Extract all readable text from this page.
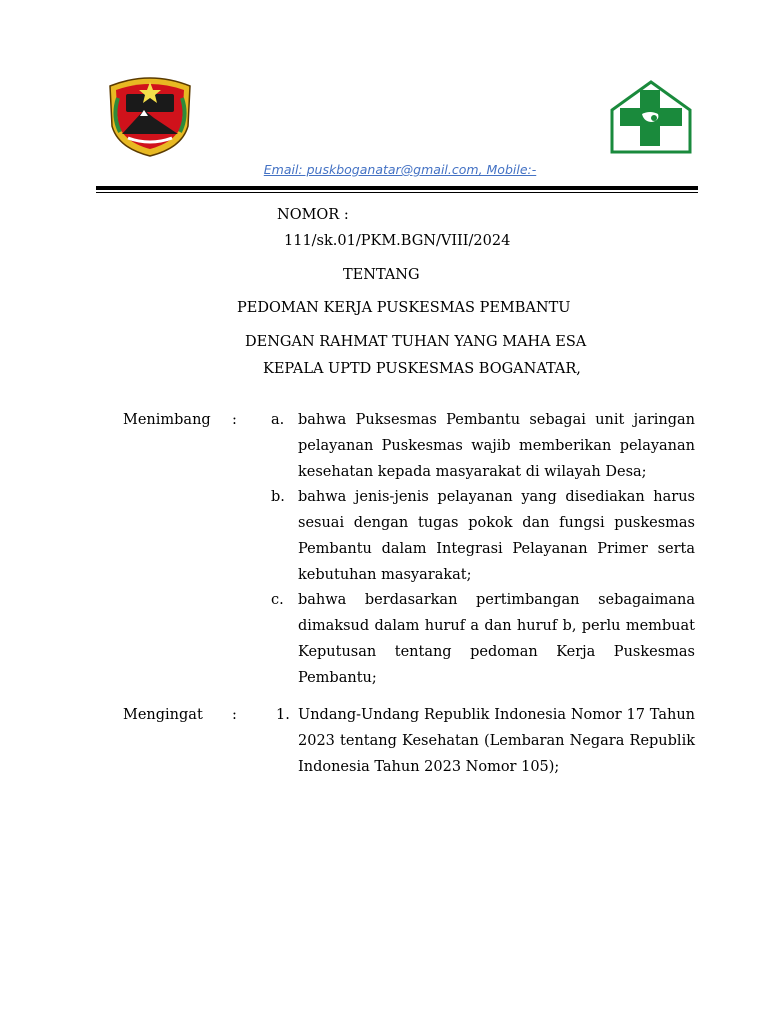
Email: puskboganatar@gmail.com, Mobile:-
NOMOR :
111/sk.01/PKM.BGN/VIII/2024
TENTANG
PEDOMAN KERJA PUSKESMAS PEMBANTU
DENGAN RAHMAT TUHAN YANG MAHA ESA
KEPALA UPTD PUSKESMAS BOGANATAR,
Menimbang : a. bahwa Puksesmas Pembantu sebagai unit jaringan pelayanan Puskesmas wajib memberikan pelayanan kesehatan kepada masyarakat di wilayah Desa;
b. bahwa jenis-jenis pelayanan yang disediakan harus sesuai dengan tugas pokok dan fungsi puskesmas Pembantu dalam Integrasi Pelayanan Primer serta kebutuhan masyarakat;
c. bahwa berdasarkan pertimbangan sebagaimana dimaksud dalam huruf a dan huruf b, perlu membuat Keputusan tentang pedoman Kerja Puskesmas Pembantu;
Mengingat :	1. Undang-Undang Republik Indonesia Nomor 17 Tahun 2023 tentang Kesehatan (Lembaran Negara Republik Indonesia Tahun 2023 Nomor 105);
